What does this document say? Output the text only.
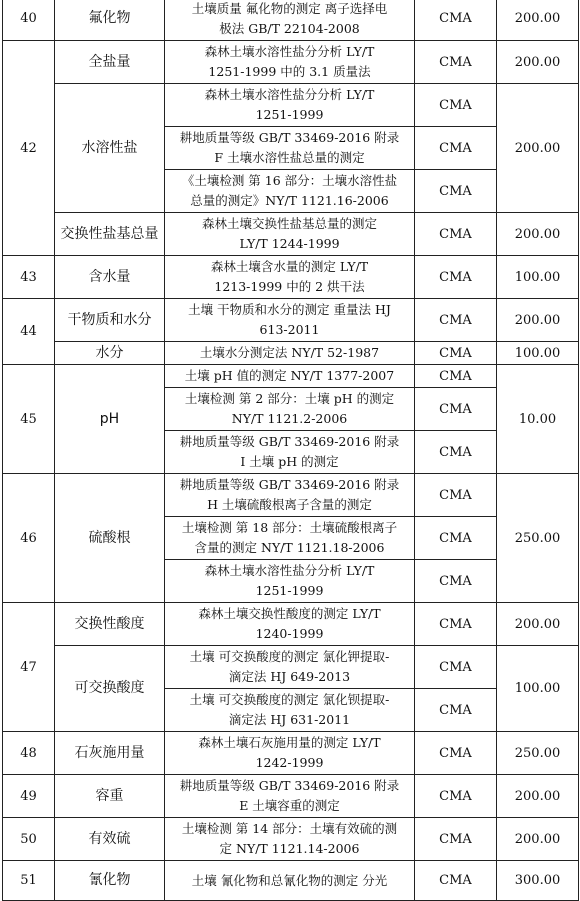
40	氟化物	土壤质量 氟化物的测定 离子选择电
极法 GB/T 22104-2008	CMA	200.00
42	全盐量	森林土壤水溶性盐分分析 LY/T
1251-1999 中的 3.1 质量法	CMA	200.00
	水溶性盐	森林土壤水溶性盐分分析 LY/T
1251-1999	CMA	200.00

		耕地质量等级 GB/T 33469-2016 附录
F 土壤水溶性盐总量的测定	CMA	

		《土壤检测 第 16 部分：土壤水溶性盐
总量的测定》NY/T 1121.16-2006	CMA	
	交换性盐基总量	森林土壤交换性盐基总量的测定
LY/T 1244-1999	CMA	200.00
43	含水量	森林土壤含水量的测定 LY/T
1213-1999 中的 2 烘干法	CMA	100.00
44	干物质和水分	土壤 干物质和水分的测定 重量法 HJ
613-2011	CMA	200.00
	水分	土壤水分测定法 NY/T 52-1987	CMA	100.00
45	pH	土壤 pH 值的测定 NY/T 1377-2007	CMA	10.00

		土壤检测 第 2 部分：土壤 pH 的测定
NY/T 1121.2-2006	CMA	

		耕地质量等级 GB/T 33469-2016 附录
I 土壤 pH 的测定	CMA	
46	硫酸根	耕地质量等级 GB/T 33469-2016 附录
H 土壤硫酸根离子含量的测定	CMA	250.00

		土壤检测 第 18 部分：土壤硫酸根离子
含量的测定 NY/T 1121.18-2006	CMA	

		森林土壤水溶性盐分分析 LY/T
1251-1999	CMA	
47	交换性酸度	森林土壤交换性酸度的测定 LY/T
1240-1999	CMA	200.00
	可交换酸度	土壤 可交换酸度的测定 氯化钾提取-
滴定法 HJ 649-2013	CMA	100.00

		土壤 可交换酸度的测定 氯化钡提取-
滴定法 HJ 631-2011	CMA	
48	石灰施用量	森林土壤石灰施用量的测定 LY/T
1242-1999	CMA	250.00
49	容重	耕地质量等级 GB/T 33469-2016 附录
E 土壤容重的测定	CMA	200.00
50	有效硫	土壤检测 第 14 部分：土壤有效硫的测
定 NY/T 1121.14-2006	CMA	200.00
51	氰化物	土壤 氰化物和总氰化物的测定 分光	CMA	300.00
